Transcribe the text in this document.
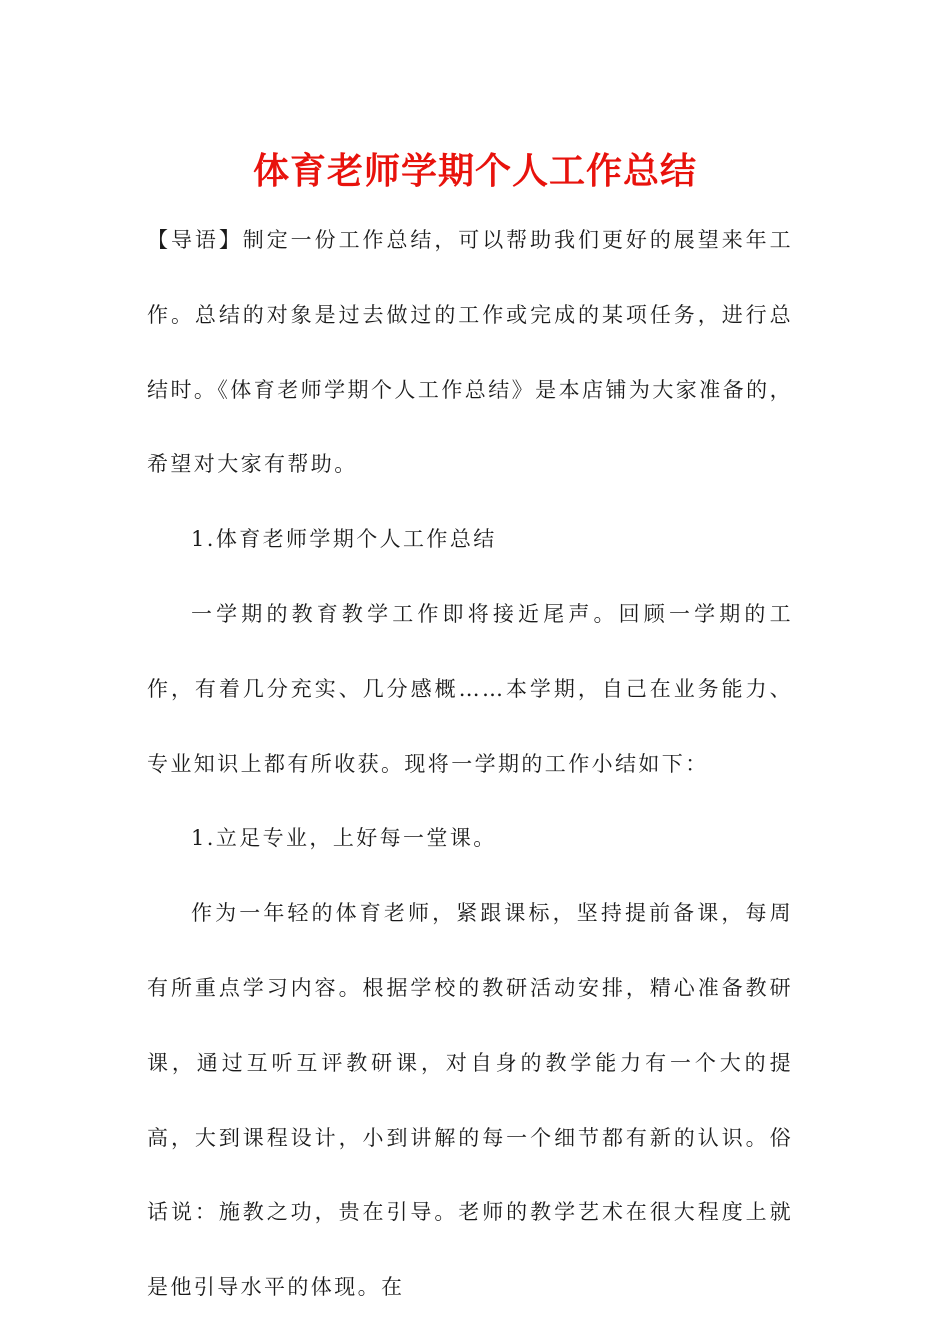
体育老师学期个人工作总结

【导语】制定一份工作总结，可以帮助我们更好的展望来年工作。总结的对象是过去做过的工作或完成的某项任务，进行总结时。《体育老师学期个人工作总结》是本店铺为大家准备的，希望对大家有帮助。

1.体育老师学期个人工作总结

一学期的教育教学工作即将接近尾声。回顾一学期的工作，有着几分充实、几分感概……本学期，自己在业务能力、专业知识上都有所收获。现将一学期的工作小结如下：

1.立足专业，上好每一堂课。

作为一年轻的体育老师，紧跟课标，坚持提前备课，每周有所重点学习内容。根据学校的教研活动安排，精心准备教研课，通过互听互评教研课，对自身的教学能力有一个大的提高，大到课程设计，小到讲解的每一个细节都有新的认识。俗话说：施教之功，贵在引导。老师的教学艺术在很大程度上就是他引导水平的体现。在
